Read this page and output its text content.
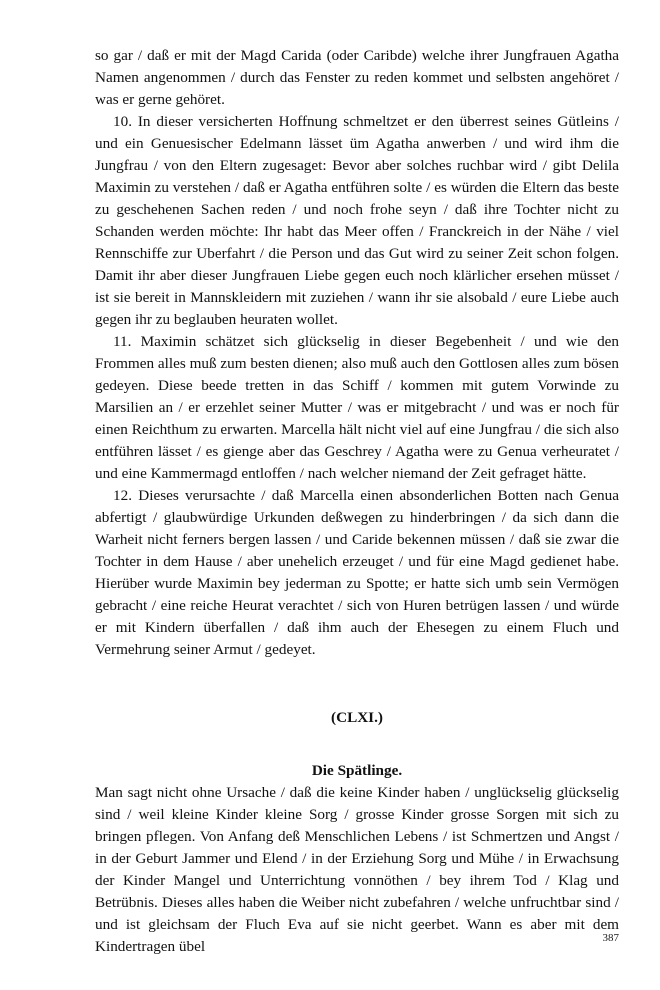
so gar / daß er mit der Magd Carida (oder Caribde) welche ihrer Jungfrauen Agatha Namen angenommen / durch das Fenster zu reden kommet und selbsten angehöret / was er gerne gehöret.

10. In dieser versicherten Hoffnung schmeltzet er den überrest seines Gütleins / und ein Genuesischer Edelmann lässet üm Agatha anwerben / und wird ihm die Jungfrau / von den Eltern zugesaget: Bevor aber solches ruchbar wird / gibt Delila Maximin zu verstehen / daß er Agatha entführen solte / es würden die Eltern das beste zu geschehenen Sachen reden / und noch frohe seyn / daß ihre Tochter nicht zu Schanden werden möchte: Ihr habt das Meer offen / Franckreich in der Nähe / viel Rennschiffe zur Uberfahrt / die Person und das Gut wird zu seiner Zeit schon folgen. Damit ihr aber dieser Jungfrauen Liebe gegen euch noch klärlicher ersehen müsset / ist sie bereit in Mannskleidern mit zuziehen / wann ihr sie alsobald / eure Liebe auch gegen ihr zu beglauben heuraten wollet.

11. Maximin schätzet sich glückselig in dieser Begebenheit / und wie den Frommen alles muß zum besten dienen; also muß auch den Gottlosen alles zum bösen gedeyen. Diese beede tretten in das Schiff / kommen mit gutem Vorwinde zu Marsilien an / er erzehlet seiner Mutter / was er mitgebracht / und was er noch für einen Reichthum zu erwarten. Marcella hält nicht viel auf eine Jungfrau / die sich also entführen lässet / es gienge aber das Geschrey / Agatha were zu Genua verheuratet / und eine Kammermagd entloffen / nach welcher niemand der Zeit gefraget hätte.

12. Dieses verursachte / daß Marcella einen absonderlichen Botten nach Genua abfertigt / glaubwürdige Urkunden deßwegen zu hinderbringen / da sich dann die Warheit nicht ferners bergen lassen / und Caride bekennen müssen / daß sie zwar die Tochter in dem Hause / aber unehelich erzeuget / und für eine Magd gedienet habe. Hierüber wurde Maximin bey jederman zu Spotte; er hatte sich umb sein Vermögen gebracht / eine reiche Heurat verachtet / sich von Huren betrügen lassen / und würde er mit Kindern überfallen / daß ihm auch der Ehesegen zu einem Fluch und Vermehrung seiner Armut / gedeyet.

(CLXI.)
Die Spätlinge.

Man sagt nicht ohne Ursache / daß die keine Kinder haben / unglückselig glückselig sind / weil kleine Kinder kleine Sorg / grosse Kinder grosse Sorgen mit sich zu bringen pflegen. Von Anfang deß Menschlichen Lebens / ist Schmertzen und Angst / in der Geburt Jammer und Elend / in der Erziehung Sorg und Mühe / in Erwachsung der Kinder Mangel und Unterrichtung vonnöthen / bey ihrem Tod / Klag und Betrübnis. Dieses alles haben die Weiber nicht zubefahren / welche unfruchtbar sind / und ist gleichsam der Fluch Eva auf sie nicht geerbet. Wann es aber mit dem Kindertragen übel	387
